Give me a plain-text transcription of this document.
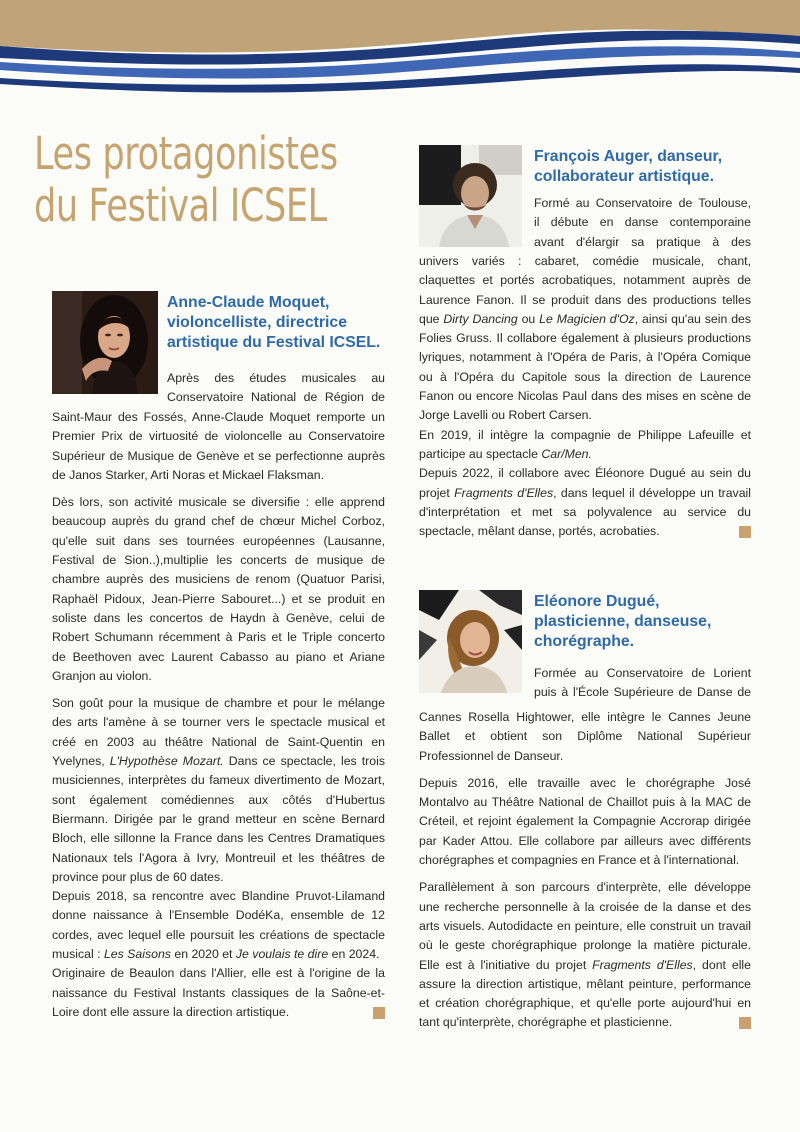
Les protagonistes
du Festival ICSEL
Anne-Claude Moquet,
violoncelliste, directrice
artistique du Festival ICSEL.

Après des études musicales au

Conservatoire National de Région de

Saint-Maur des Fossés, Anne-Claude Moquet remporte un Premier Prix de virtuosité de violoncelle au Conservatoire Supérieur de Musique de Genève et se perfectionne auprès de Janos Starker, Arti Noras et Mickael Flaksman.

Dès lors, son activité musicale se diversifie : elle apprend beaucoup auprès du grand chef de chœur Michel Corboz, qu'elle suit dans ses tournées européennes (Lausanne, Festival de Sion..),multiplie les concerts de musique de chambre auprès des musiciens de renom (Quatuor Parisi, Raphaël Pidoux, Jean-Pierre Sabouret...) et se produit en soliste dans les concertos de Haydn à Genève, celui de Robert Schumann récemment à Paris et le Triple concerto de Beethoven avec Laurent Cabasso au piano et Ariane Granjon au violon.

Son goût pour la musique de chambre et pour le mélange des arts l'amène à se tourner vers le spectacle musical et créé en 2003 au théâtre National de Saint-Quentin en Yvelynes, L'Hypothèse Mozart. Dans ce spectacle, les trois musiciennes, interprètes du fameux divertimento de Mozart, sont également comédiennes aux côtés d'Hubertus Biermann. Dirigée par le grand metteur en scène Bernard Bloch, elle sillonne la France dans les Centres Dramatiques Nationaux tels l'Agora à Ivry, Montreuil et les théâtres de province pour plus de 60 dates.

Depuis 2018, sa rencontre avec Blandine Pruvot-Lilamand donne naissance à l'Ensemble DodéKa, ensemble de 12 cordes, avec lequel elle poursuit les créations de spectacle musical : Les Saisons en 2020 et Je voulais te dire en 2024.

Originaire de Beaulon dans l'Allier, elle est à l'origine de la naissance du Festival Instants classiques de la Saône-et-Loire dont elle assure la direction artistique.

François Auger, danseur,
collaborateur artistique.

Formé au Conservatoire de Toulouse,

il débute en danse contemporaine

avant d'élargir sa pratique à des

univers variés : cabaret, comédie musicale, chant, claquettes et portés acrobatiques, notamment auprès de Laurence Fanon. Il se produit dans des productions telles que Dirty Dancing ou Le Magicien d'Oz, ainsi qu'au sein des Folies Gruss. Il collabore également à plusieurs productions lyriques, notamment à l'Opéra de Paris, à l'Opéra Comique ou à l'Opéra du Capitole sous la direction de Laurence Fanon ou encore Nicolas Paul dans des mises en scène de Jorge Lavelli ou Robert Carsen.

En 2019, il intègre la compagnie de Philippe Lafeuille et participe au spectacle Car/Men.

Depuis 2022, il collabore avec Éléonore Dugué au sein du projet Fragments d'Elles, dans lequel il développe un travail d'interprétation et met sa polyvalence au service du spectacle, mêlant danse, portés, acrobaties.

Eléonore Dugué,
plasticienne, danseuse,
chorégraphe.

Formée au Conservatoire de Lorient

puis à l'École Supérieure de Danse de

Cannes Rosella Hightower, elle intègre le Cannes Jeune Ballet et obtient son Diplôme National Supérieur Professionnel de Danseur.

Depuis 2016, elle travaille avec le chorégraphe José Montalvo au Théâtre National de Chaillot puis à la MAC de Créteil, et rejoint également la Compagnie Accrorap dirigée par Kader Attou. Elle collabore par ailleurs avec différents chorégraphes et compagnies en France et à l'international.

Parallèlement à son parcours d'interprète, elle développe une recherche personnelle à la croisée de la danse et des arts visuels. Autodidacte en peinture, elle construit un travail où le geste chorégraphique prolonge la matière picturale. Elle est à l'initiative du projet Fragments d'Elles, dont elle assure la direction artistique, mêlant peinture, performance et création chorégraphique, et qu'elle porte aujourd'hui en tant qu'interprète, chorégraphe et plasticienne.
